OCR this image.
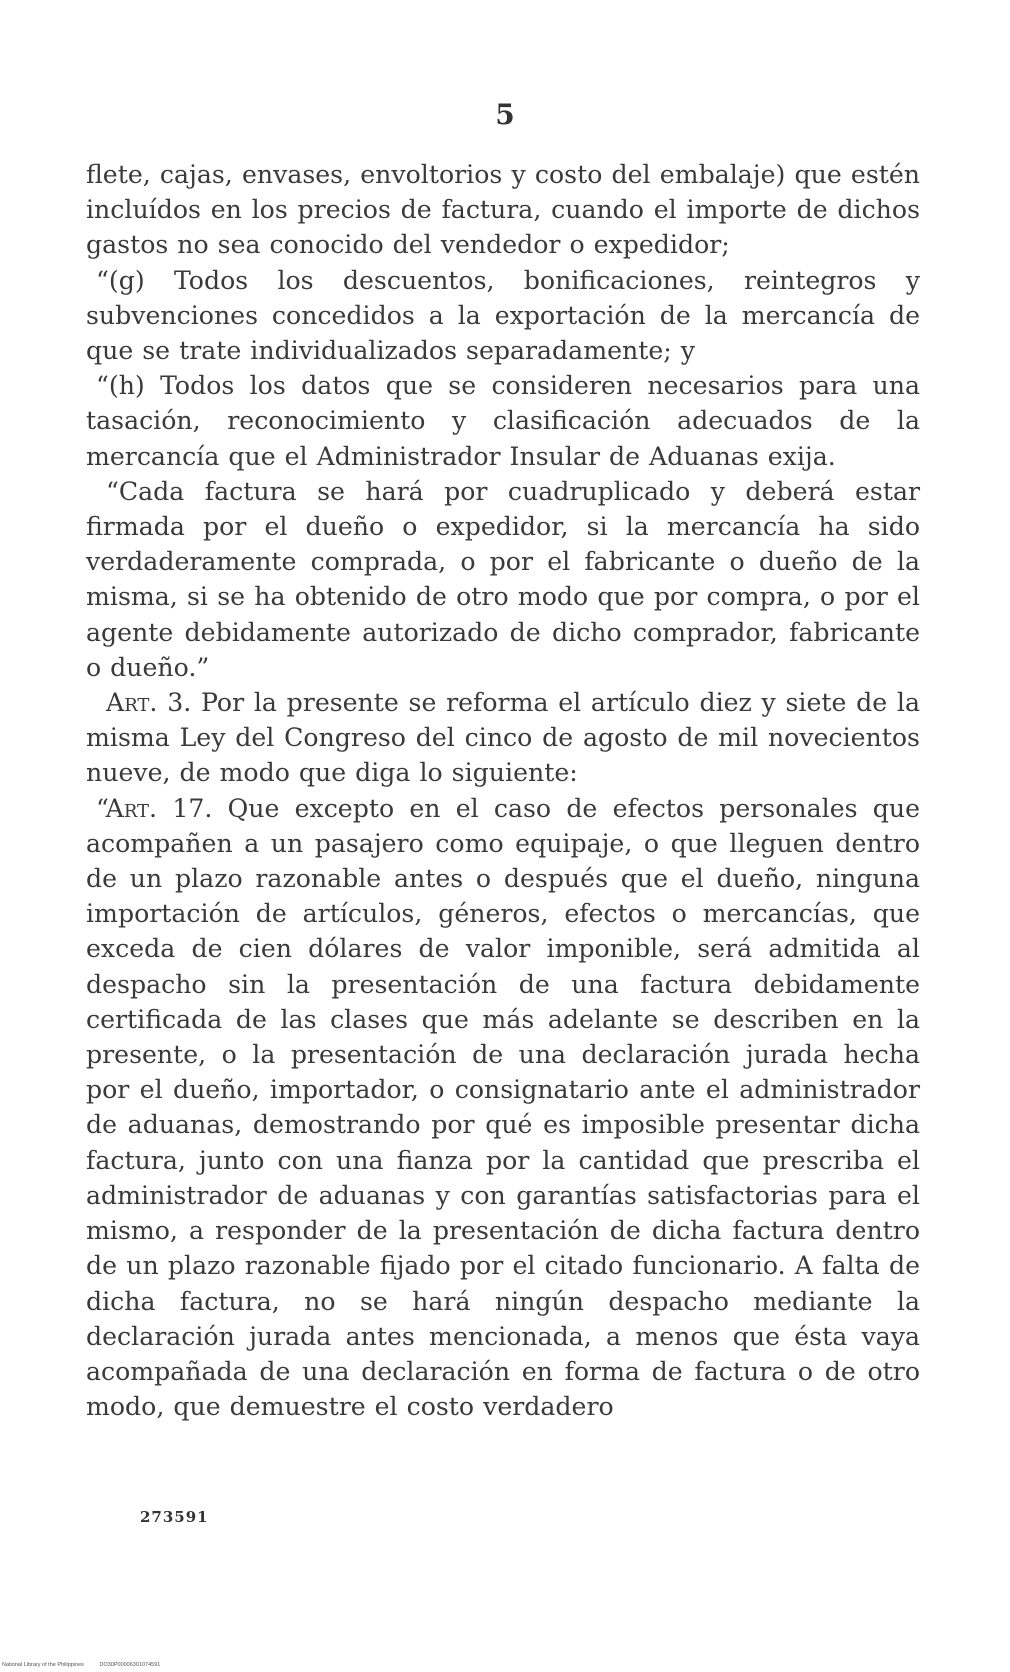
5

flete, cajas, envases, envoltorios y costo del embalaje) que estén incluídos en los precios de factura, cuando el importe de dichos gastos no sea conocido del vendedor o expedidor;

“(g) Todos los descuentos, bonificaciones, reintegros y subvenciones concedidos a la exportación de la mercancía de que se trate individualizados separadamente; y

“(h) Todos los datos que se consideren necesarios para una tasación, reconocimiento y clasificación adecuados de la mercancía que el Administrador Insular de Aduanas exija.

“Cada factura se hará por cuadruplicado y deberá estar firmada por el dueño o expedidor, si la mercancía ha sido verdaderamente comprada, o por el fabricante o dueño de la misma, si se ha obtenido de otro modo que por compra, o por el agente debidamente autorizado de dicho comprador, fabricante o dueño.”

Art. 3. Por la presente se reforma el artículo diez y siete de la misma Ley del Congreso del cinco de agosto de mil novecientos nueve, de modo que diga lo siguiente:

“Art. 17. Que excepto en el caso de efectos personales que acompañen a un pasajero como equipaje, o que lleguen dentro de un plazo razonable antes o después que el dueño, ninguna importación de artículos, géneros, efectos o mercancías, que exceda de cien dólares de valor imponible, será admitida al despacho sin la presentación de una factura debidamente certificada de las clases que más adelante se describen en la presente, o la presentación de una declaración jurada hecha por el dueño, importador, o consignatario ante el administrador de aduanas, demostrando por qué es imposible presentar dicha factura, junto con una fianza por la cantidad que prescriba el administrador de aduanas y con garantías satisfactorias para el mismo, a responder de la presentación de dicha factura dentro de un plazo razonable fijado por el citado funcionario. A falta de dicha factura, no se hará ningún despacho mediante la declaración jurada antes mencionada, a menos que ésta vaya acompañada de una declaración en forma de factura o de otro modo, que demuestre el costo verdadero

273591
National Library of the Philippines	DO30P00006301074591
